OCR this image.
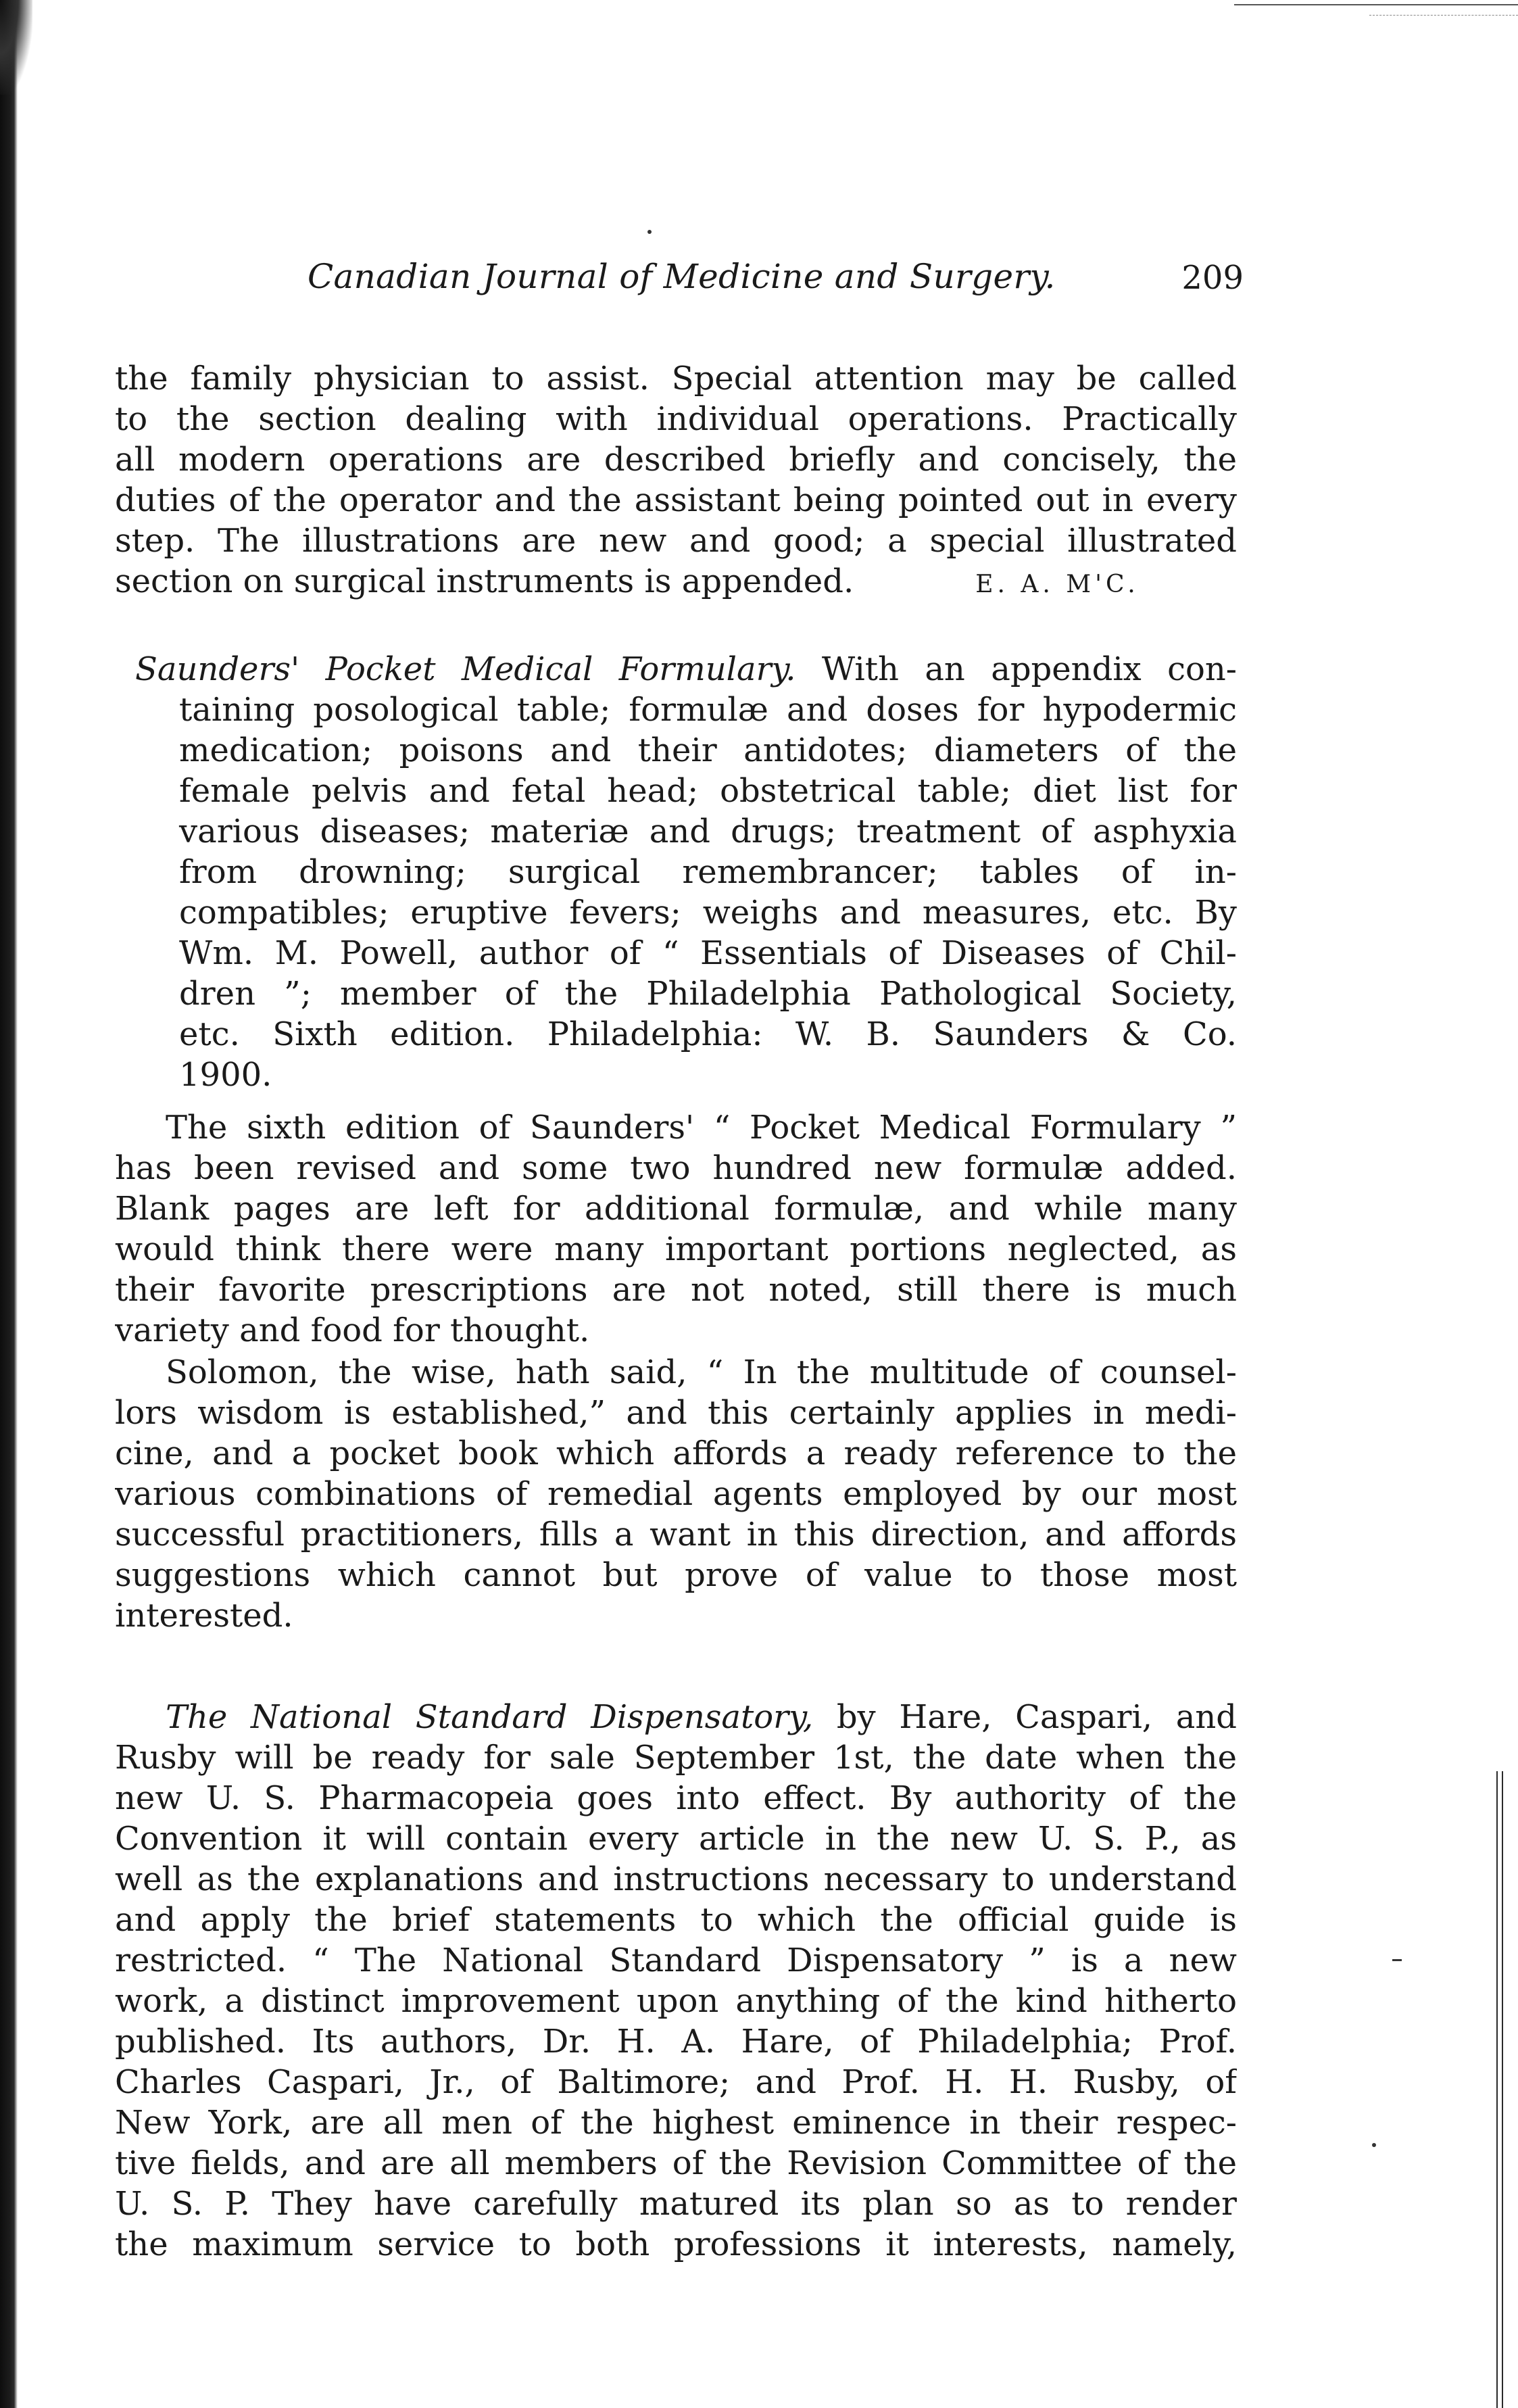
Canadian Journal of Medicine and Surgery.	209
the family physician to assist. Special attention may be called
to the section dealing with individual operations. Practically
all modern operations are described briefly and concisely, the
duties of the operator and the assistant being pointed out in every
step. The illustrations are new and good; a special illustrated
section on surgical instruments is appended.	E. A. M'C.
Saunders' Pocket Medical Formulary. With an appendix con-
taining posological table; formulæ and doses for hypodermic
medication; poisons and their antidotes; diameters of the
female pelvis and fetal head; obstetrical table; diet list for
various diseases; materiæ and drugs; treatment of asphyxia
from drowning; surgical remembrancer; tables of in-
compatibles; eruptive fevers; weighs and measures, etc. By
Wm. M. Powell, author of “ Essentials of Diseases of Chil-
dren ”; member of the Philadelphia Pathological Society,
etc. Sixth edition. Philadelphia: W. B. Saunders & Co.
1900.
The sixth edition of Saunders' “ Pocket Medical Formulary ”
has been revised and some two hundred new formulæ added.
Blank pages are left for additional formulæ, and while many
would think there were many important portions neglected, as
their favorite prescriptions are not noted, still there is much
variety and food for thought.
Solomon, the wise, hath said, “ In the multitude of counsel-
lors wisdom is established,” and this certainly applies in medi-
cine, and a pocket book which affords a ready reference to the
various combinations of remedial agents employed by our most
successful practitioners, fills a want in this direction, and affords
suggestions which cannot but prove of value to those most
interested.
The National Standard Dispensatory, by Hare, Caspari, and
Rusby will be ready for sale September 1st, the date when the
new U. S. Pharmacopeia goes into effect. By authority of the
Convention it will contain every article in the new U. S. P., as
well as the explanations and instructions necessary to understand
and apply the brief statements to which the official guide is
restricted. “ The National Standard Dispensatory ” is a new
work, a distinct improvement upon anything of the kind hitherto
published. Its authors, Dr. H. A. Hare, of Philadelphia; Prof.
Charles Caspari, Jr., of Baltimore; and Prof. H. H. Rusby, of
New York, are all men of the highest eminence in their respec-
tive fields, and are all members of the Revision Committee of the
U. S. P. They have carefully matured its plan so as to render
the maximum service to both professions it interests, namely,
